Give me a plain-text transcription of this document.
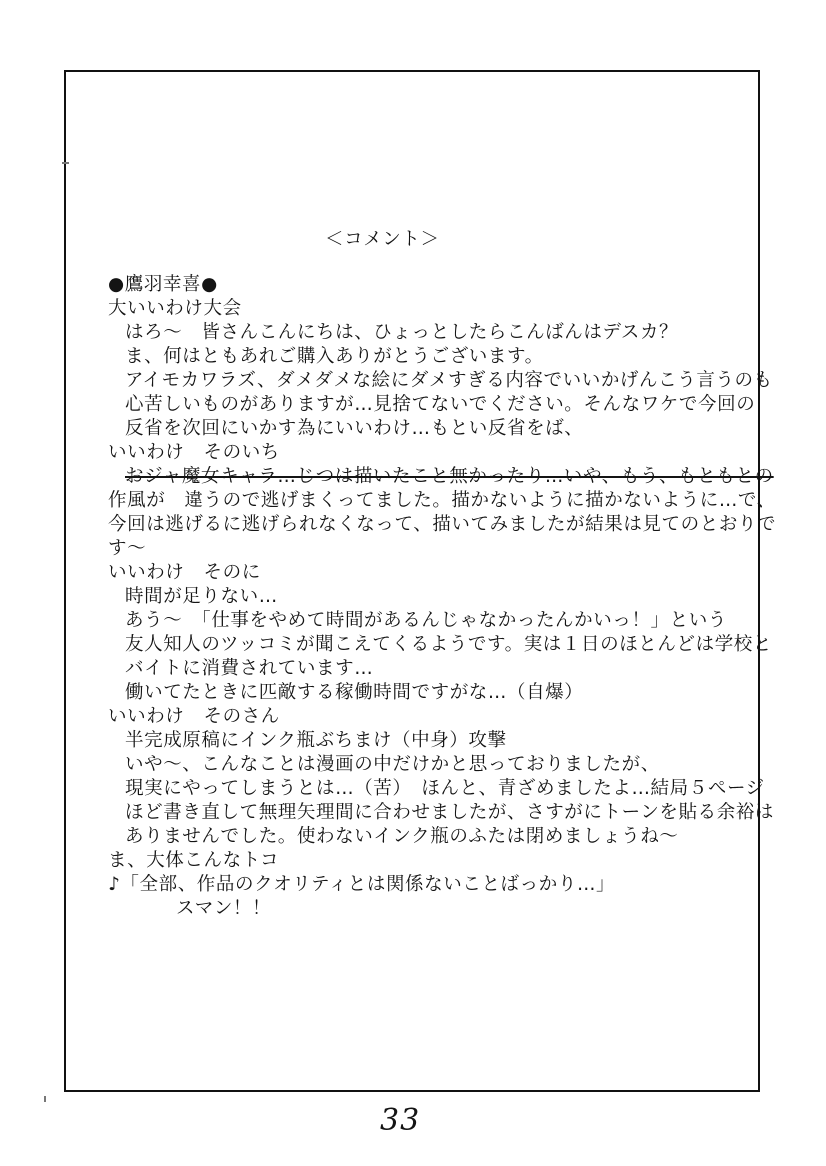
＜コメント＞
●鷹羽幸喜●
大いいわけ大会
はろ～　皆さんこんにちは、ひょっとしたらこんばんはデスカ？
ま、何はともあれご購入ありがとうございます。
アイモカワラズ、ダメダメな絵にダメすぎる内容でいいかげんこう言うのも
心苦しいものがありますが…見捨てないでください。そんなワケで今回の
反省を次回にいかす為にいいわけ…もとい反省をば、
いいわけ　そのいち
おジャ魔女キャラ…じつは描いたこと無かったり…いや、もう、もともとの
作風が　違うので逃げまくってました。描かないように描かないように…で、
今回は逃げるに逃げられなくなって、描いてみましたが結果は見てのとおりで
す～
いいわけ　そのに
時間が足りない…
あう～　「仕事をやめて時間があるんじゃなかったんかいっ！」という
友人知人のツッコミが聞こえてくるようです。実は１日のほとんどは学校と
バイトに消費されています…
働いてたときに匹敵する稼働時間ですがな…（自爆）
いいわけ　そのさん
半完成原稿にインク瓶ぶちまけ（中身）攻撃
いや～、こんなことは漫画の中だけかと思っておりましたが、
現実にやってしまうとは…（苦）　ほんと、青ざめましたよ…結局５ページ
ほど書き直して無理矢理間に合わせましたが、さすがにトーンを貼る余裕は
ありませんでした。使わないインク瓶のふたは閉めましょうね～
ま、大体こんなトコ
♪「全部、作品のクオリティとは関係ないことばっかり…」
スマン！！
33
